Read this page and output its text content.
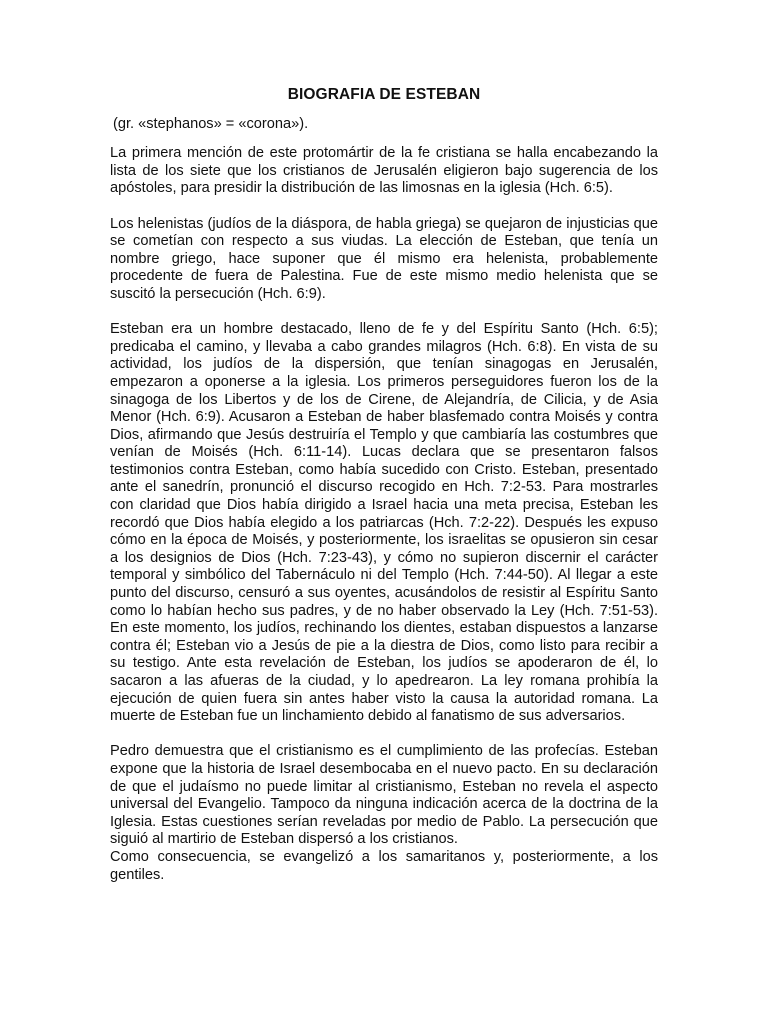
BIOGRAFIA DE ESTEBAN
(gr. «stephanos» = «corona»).
La primera mención de este protomártir de la fe cristiana se halla encabezando la lista de los siete que los cristianos de Jerusalén eligieron bajo sugerencia de los apóstoles, para presidir la distribución de las limosnas en la iglesia (Hch. 6:5).
Los helenistas (judíos de la diáspora, de habla griega) se quejaron de injusticias que se cometían con respecto a sus viudas. La elección de Esteban, que tenía un nombre griego, hace suponer que él mismo era helenista, probablemente procedente de fuera de Palestina. Fue de este mismo medio helenista que se suscitó la persecución (Hch. 6:9).
Esteban era un hombre destacado, lleno de fe y del Espíritu Santo (Hch. 6:5); predicaba el camino, y llevaba a cabo grandes milagros (Hch. 6:8). En vista de su actividad, los judíos de la dispersión, que tenían sinagogas en Jerusalén, empezaron a oponerse a la iglesia. Los primeros perseguidores fueron los de la sinagoga de los Libertos y de los de Cirene, de Alejandría, de Cilicia, y de Asia Menor (Hch. 6:9). Acusaron a Esteban de haber blasfemado contra Moisés y contra Dios, afirmando que Jesús destruiría el Templo y que cambiaría las costumbres que venían de Moisés (Hch. 6:11-14). Lucas declara que se presentaron falsos testimonios contra Esteban, como había sucedido con Cristo. Esteban, presentado ante el sanedrín, pronunció el discurso recogido en Hch. 7:2-53. Para mostrarles con claridad que Dios había dirigido a Israel hacia una meta precisa, Esteban les recordó que Dios había elegido a los patriarcas (Hch. 7:2-22). Después les expuso cómo en la época de Moisés, y posteriormente, los israelitas se opusieron sin cesar a los designios de Dios (Hch. 7:23-43), y cómo no supieron discernir el carácter temporal y simbólico del Tabernáculo ni del Templo (Hch. 7:44-50). Al llegar a este punto del discurso, censuró a sus oyentes, acusándolos de resistir al Espíritu Santo como lo habían hecho sus padres, y de no haber observado la Ley (Hch. 7:51-53). En este momento, los judíos, rechinando los dientes, estaban dispuestos a lanzarse contra él; Esteban vio a Jesús de pie a la diestra de Dios, como listo para recibir a su testigo. Ante esta revelación de Esteban, los judíos se apoderaron de él, lo sacaron a las afueras de la ciudad, y lo apedrearon. La ley romana prohibía la ejecución de quien fuera sin antes haber visto la causa la autoridad romana. La muerte de Esteban fue un linchamiento debido al fanatismo de sus adversarios.
Pedro demuestra que el cristianismo es el cumplimiento de las profecías. Esteban expone que la historia de Israel desembocaba en el nuevo pacto. En su declaración de que el judaísmo no puede limitar al cristianismo, Esteban no revela el aspecto universal del Evangelio. Tampoco da ninguna indicación acerca de la doctrina de la Iglesia. Estas cuestiones serían reveladas por medio de Pablo. La persecución que siguió al martirio de Esteban dispersó a los cristianos.
Como consecuencia, se evangelizó a los samaritanos y, posteriormente, a los gentiles.
